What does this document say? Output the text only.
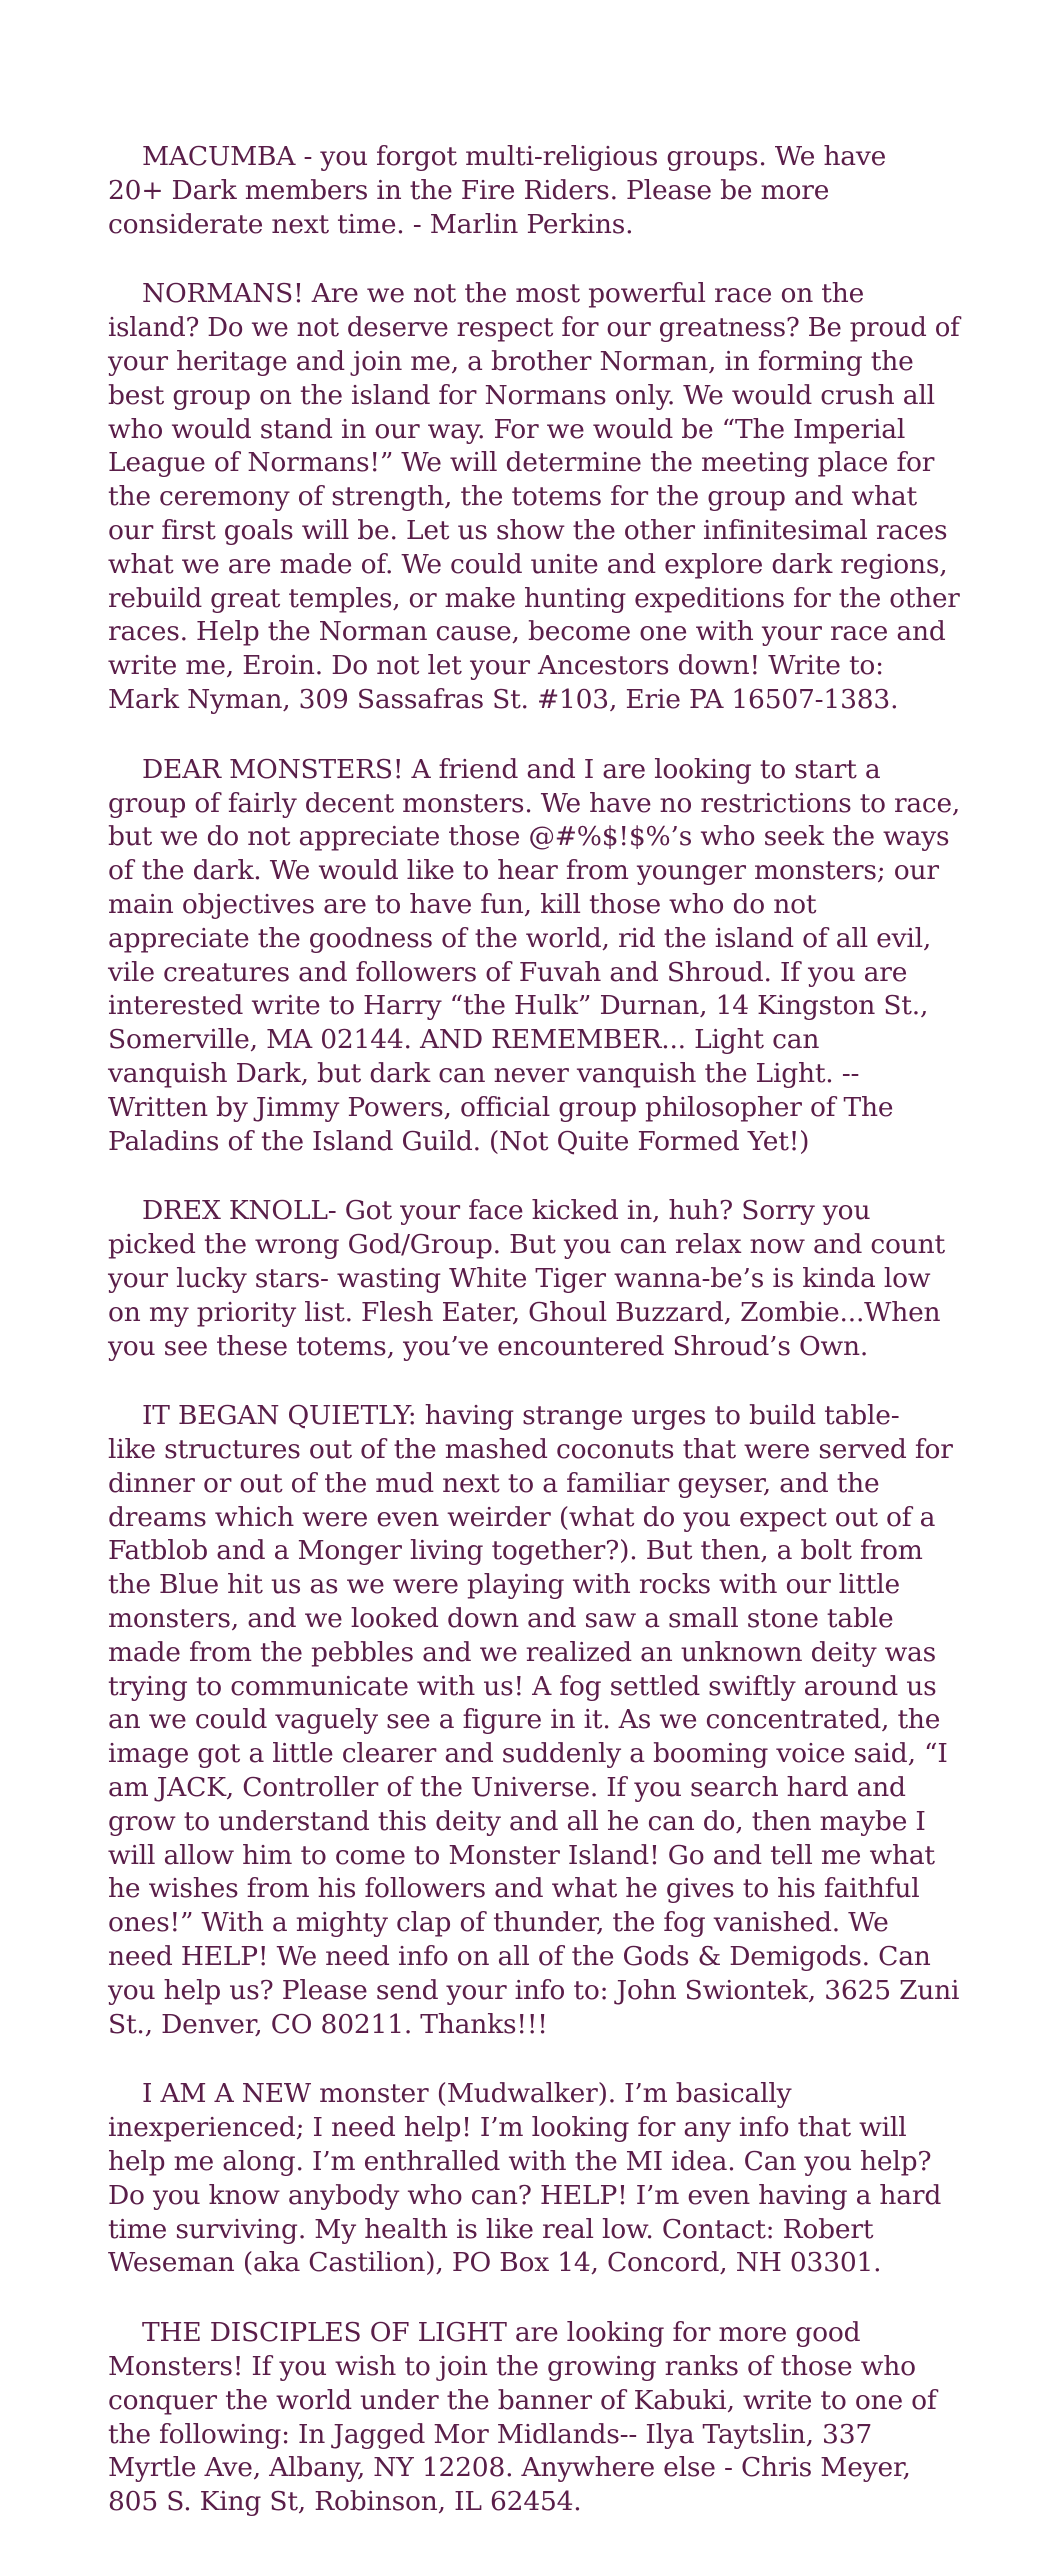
MACUMBA - you forgot multi-religious groups. We have
20+ Dark members in the Fire Riders. Please be more
considerate next time. - Marlin Perkins.

NORMANS! Are we not the most powerful race on the
island? Do we not deserve respect for our greatness? Be proud of
your heritage and join me, a brother Norman, in forming the
best group on the island for Normans only. We would crush all
who would stand in our way. For we would be “The Imperial
League of Normans!” We will determine the meeting place for
the ceremony of strength, the totems for the group and what
our first goals will be. Let us show the other infinitesimal races
what we are made of. We could unite and explore dark regions,
rebuild great temples, or make hunting expeditions for the other
races. Help the Norman cause, become one with your race and
write me, Eroin. Do not let your Ancestors down! Write to:
Mark Nyman, 309 Sassafras St. #103, Erie PA 16507-1383.

DEAR MONSTERS! A friend and I are looking to start a
group of fairly decent monsters. We have no restrictions to race,
but we do not appreciate those @#%$!$%’s who seek the ways
of the dark. We would like to hear from younger monsters; our
main objectives are to have fun, kill those who do not
appreciate the goodness of the world, rid the island of all evil,
vile creatures and followers of Fuvah and Shroud. If you are
interested write to Harry “the Hulk” Durnan, 14 Kingston St.,
Somerville, MA 02144. AND REMEMBER... Light can
vanquish Dark, but dark can never vanquish the Light. --
Written by Jimmy Powers, official group philosopher of The
Paladins of the Island Guild. (Not Quite Formed Yet!)

DREX KNOLL- Got your face kicked in, huh? Sorry you
picked the wrong God/Group. But you can relax now and count
your lucky stars- wasting White Tiger wanna-be’s is kinda low
on my priority list. Flesh Eater, Ghoul Buzzard, Zombie...When
you see these totems, you’ve encountered Shroud’s Own.

IT BEGAN QUIETLY: having strange urges to build table-
like structures out of the mashed coconuts that were served for
dinner or out of the mud next to a familiar geyser, and the
dreams which were even weirder (what do you expect out of a
Fatblob and a Monger living together?). But then, a bolt from
the Blue hit us as we were playing with rocks with our little
monsters, and we looked down and saw a small stone table
made from the pebbles and we realized an unknown deity was
trying to communicate with us! A fog settled swiftly around us
an we could vaguely see a figure in it. As we concentrated, the
image got a little clearer and suddenly a booming voice said, “I
am JACK, Controller of the Universe. If you search hard and
grow to understand this deity and all he can do, then maybe I
will allow him to come to Monster Island! Go and tell me what
he wishes from his followers and what he gives to his faithful
ones!” With a mighty clap of thunder, the fog vanished. We
need HELP! We need info on all of the Gods & Demigods. Can
you help us? Please send your info to: John Swiontek, 3625 Zuni
St., Denver, CO 80211. Thanks!!!

I AM A NEW monster (Mudwalker). I’m basically
inexperienced; I need help! I’m looking for any info that will
help me along. I’m enthralled with the MI idea. Can you help?
Do you know anybody who can? HELP! I’m even having a hard
time surviving. My health is like real low. Contact: Robert
Weseman (aka Castilion), PO Box 14, Concord, NH 03301.

THE DISCIPLES OF LIGHT are looking for more good
Monsters! If you wish to join the growing ranks of those who
conquer the world under the banner of Kabuki, write to one of
the following: In Jagged Mor Midlands-- Ilya Taytslin, 337
Myrtle Ave, Albany, NY 12208. Anywhere else - Chris Meyer,
805 S. King St, Robinson, IL 62454.
